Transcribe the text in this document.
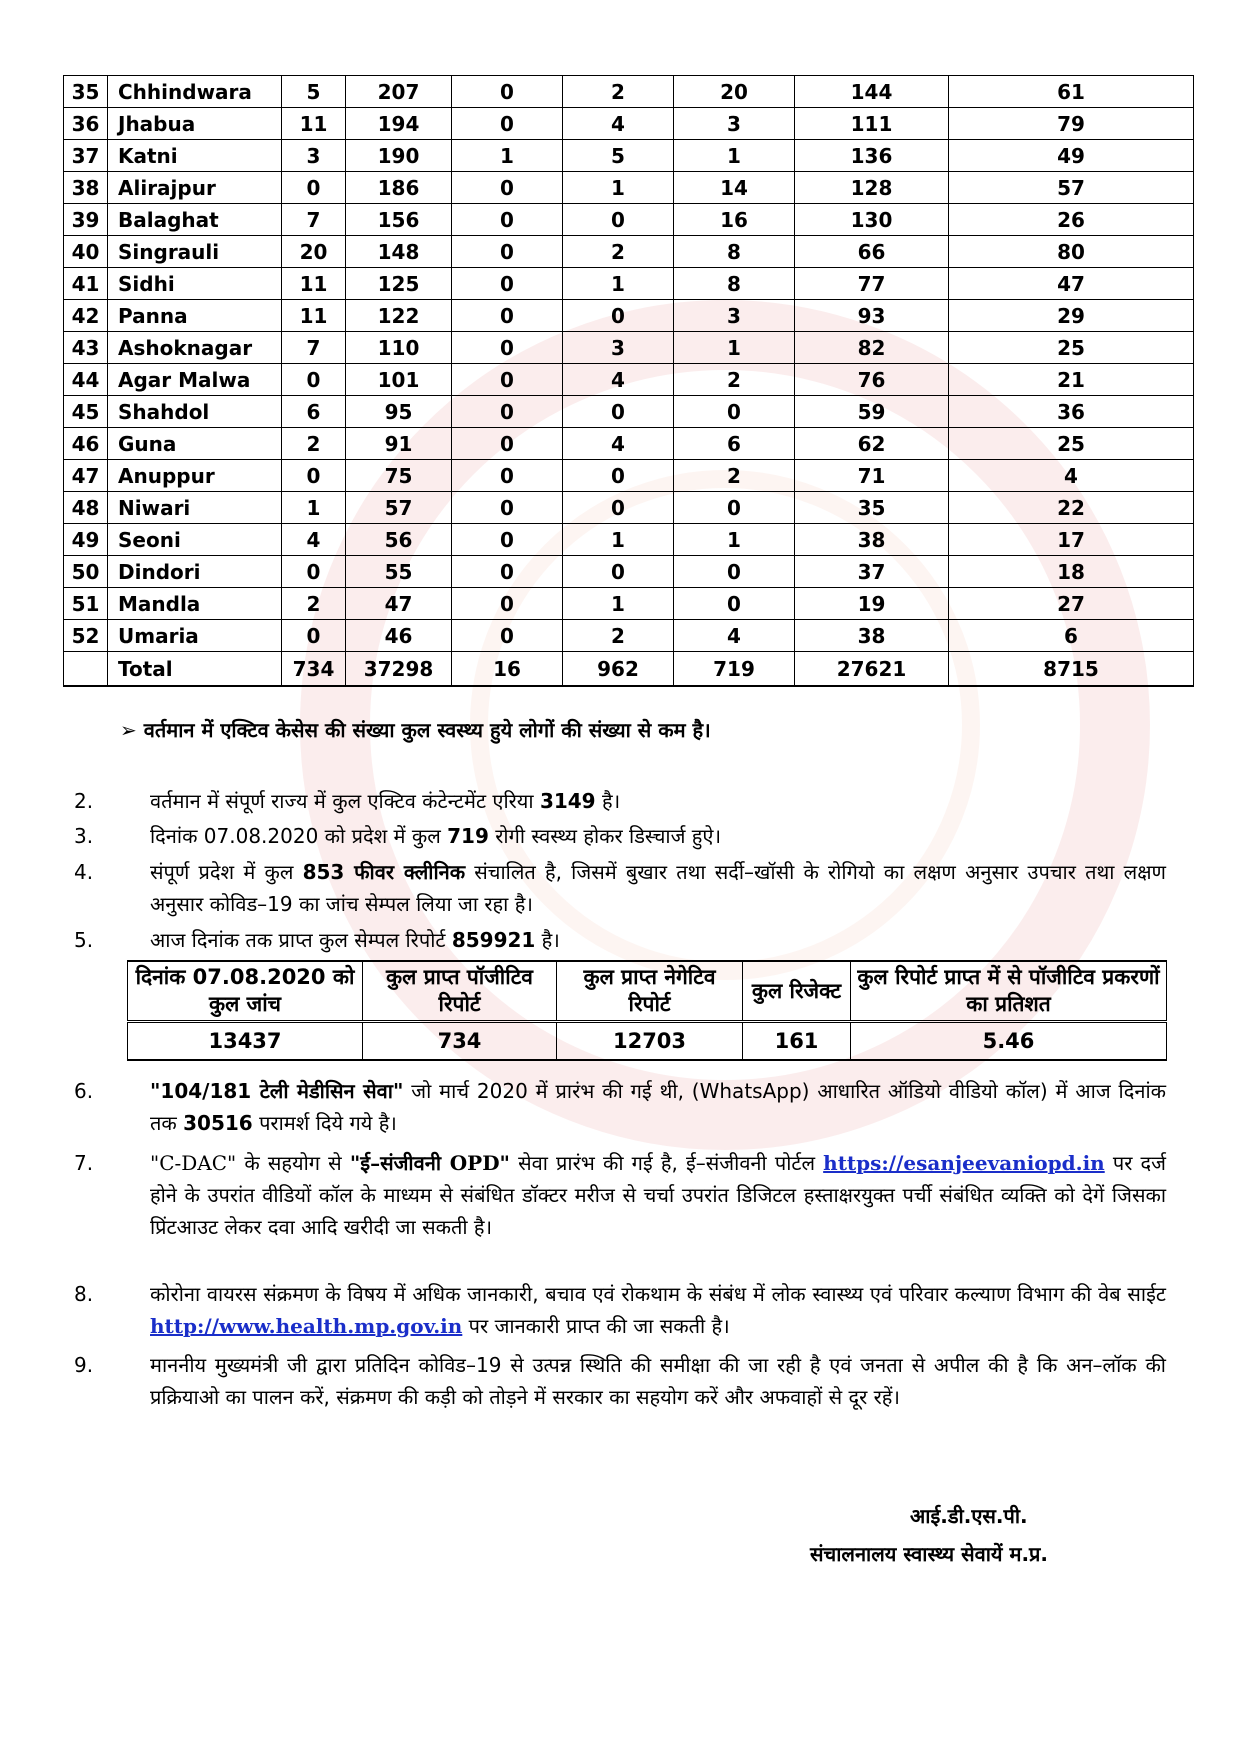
35	Chhindwara	5	207	0	2	20	144	61
36	Jhabua	11	194	0	4	3	111	79
37	Katni	3	190	1	5	1	136	49
38	Alirajpur	0	186	0	1	14	128	57
39	Balaghat	7	156	0	0	16	130	26
40	Singrauli	20	148	0	2	8	66	80
41	Sidhi	11	125	0	1	8	77	47
42	Panna	11	122	0	0	3	93	29
43	Ashoknagar	7	110	0	3	1	82	25
44	Agar Malwa	0	101	0	4	2	76	21
45	Shahdol	6	95	0	0	0	59	36
46	Guna	2	91	0	4	6	62	25
47	Anuppur	0	75	0	0	2	71	4
48	Niwari	1	57	0	0	0	35	22
49	Seoni	4	56	0	1	1	38	17
50	Dindori	0	55	0	0	0	37	18
51	Mandla	2	47	0	1	0	19	27
52	Umaria	0	46	0	2	4	38	6
	Total	734	37298	16	962	719	27621	8715
➢ वर्तमान में एक्टिव केसेस की संख्या कुल स्वस्थ्य हुये लोगों की संख्या से कम है।
2.	वर्तमान में संपूर्ण राज्य में कुल एक्टिव कंटेन्टमेंट एरिया 3149 है।
3.	दिनांक 07.08.2020 को प्रदेश में कुल 719 रोगी स्वस्थ्य होकर डिस्चार्ज हुऐ।
4.	संपूर्ण प्रदेश में कुल 853 फीवर क्लीनिक संचालित है, जिसमें बुखार तथा सर्दी–खॉसी के रोगियो का लक्षण अनुसार उपचार तथा लक्षण अनुसार कोविड–19 का जांच सेम्पल लिया जा रहा है।
5.	आज दिनांक तक प्राप्त कुल सेम्पल रिपोर्ट 859921 है।
दिनांक 07.08.2020 को कुल जांच	कुल प्राप्त पॉजीटिव रिपोर्ट	कुल प्राप्त नेगेटिव रिपोर्ट	कुल रिजेक्ट	कुल रिपोर्ट प्राप्त में से पॉजीटिव प्रकरणों का प्रतिशत
13437	734	12703	161	5.46
6.	"104/181 टेली मेडीसिन सेवा" जो मार्च 2020 में प्रारंभ की गई थी, (WhatsApp) आधारित ऑडियो वीडियो कॉल) में आज दिनांक तक 30516 परामर्श दिये गये है।
7.	"C-DAC" के सहयोग से "ई–संजीवनी OPD" सेवा प्रारंभ की गई है, ई–संजीवनी पोर्टल https://esanjeevaniopd.in पर दर्ज होने के उपरांत वीडियों कॉल के माध्यम से संबंधित डॉक्टर मरीज से चर्चा उपरांत डिजिटल हस्ताक्षरयुक्त पर्ची संबंधित व्यक्ति को देगें जिसका प्रिंटआउट लेकर दवा आदि खरीदी जा सकती है।
8.	कोरोना वायरस संक्रमण के विषय में अधिक जानकारी, बचाव एवं रोकथाम के संबंध में लोक स्वास्थ्य एवं परिवार कल्याण विभाग की वेब साईट http://www.health.mp.gov.in पर जानकारी प्राप्त की जा सकती है।
9.	माननीय मुख्यमंत्री जी द्वारा प्रतिदिन कोविड–19 से उत्पन्न स्थिति की समीक्षा की जा रही है एवं जनता से अपील की है कि अन–लॉक की प्रक्रियाओ का पालन करें, संक्रमण की कड़ी को तोड़ने में सरकार का सहयोग करें और अफवाहों से दूर रहें।
आई.डी.एस.पी.
संचालनालय स्वास्थ्य सेवायें म.प्र.
